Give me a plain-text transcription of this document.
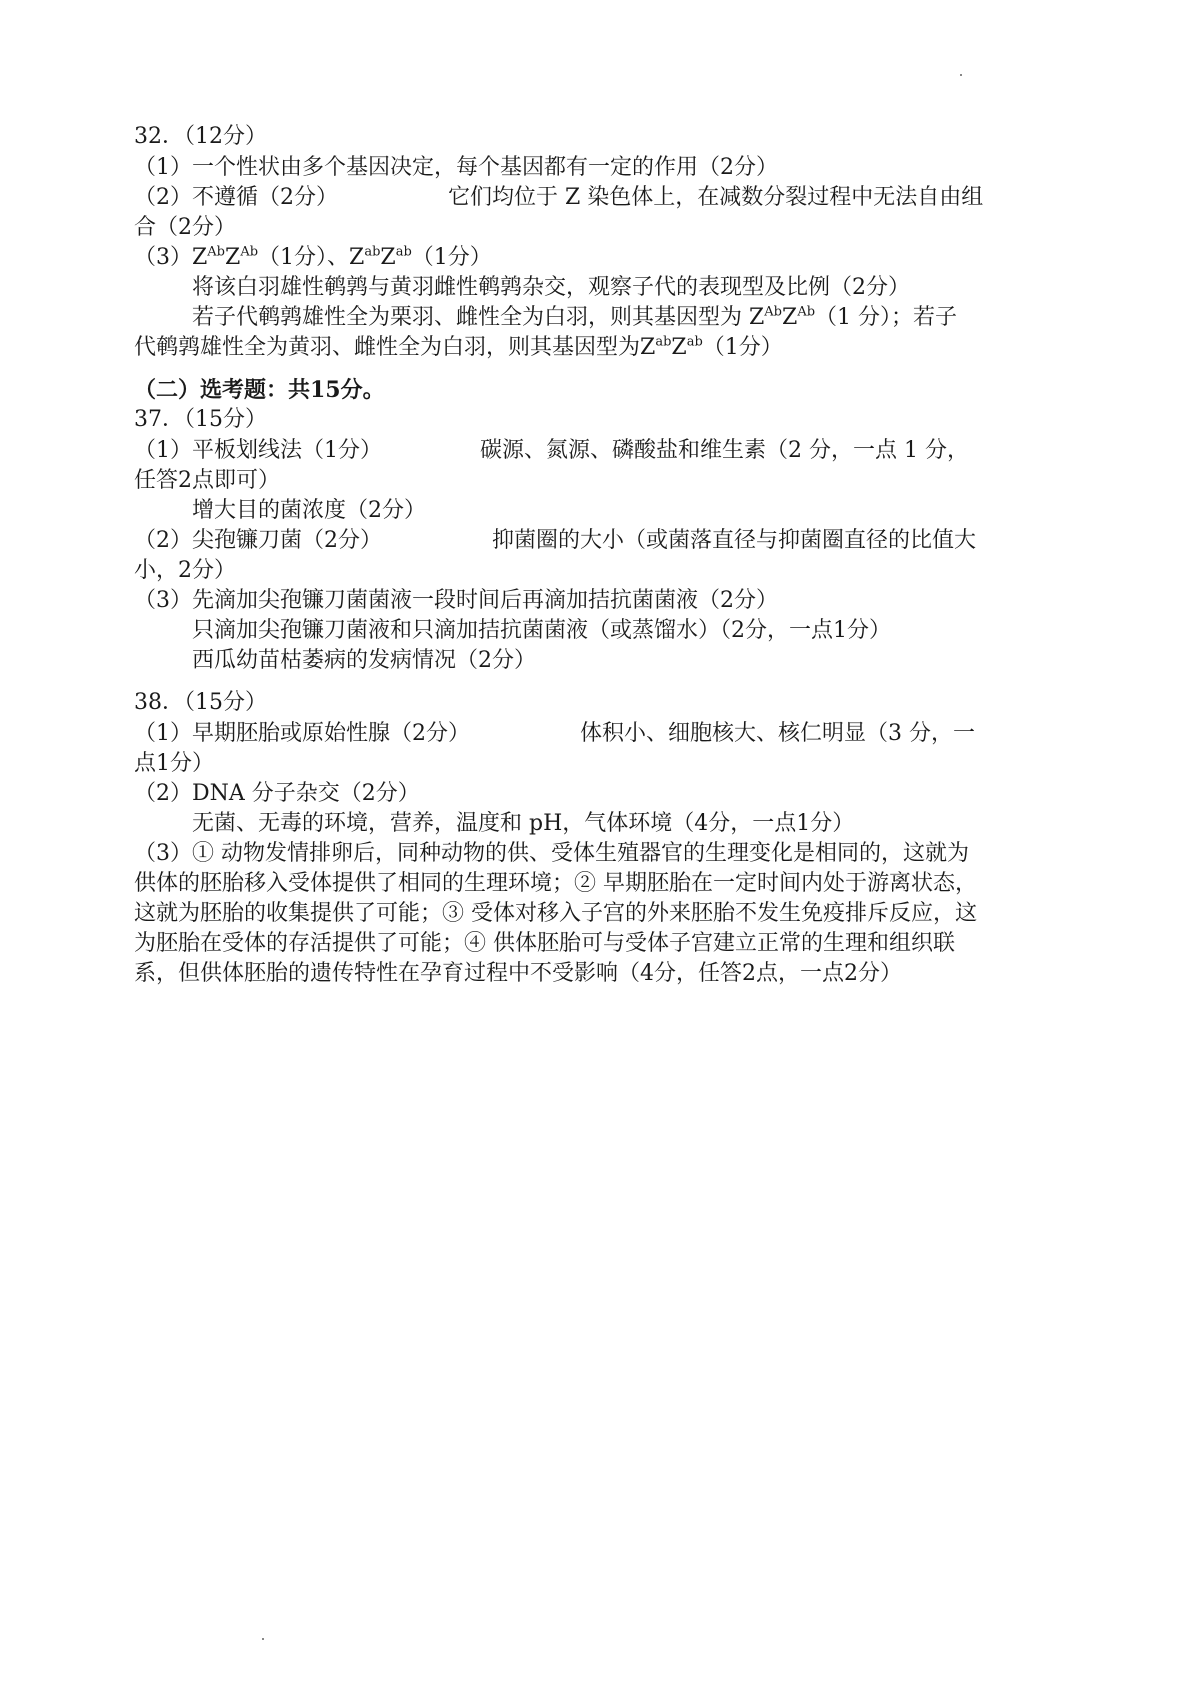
32．（12分）
（1）一个性状由多个基因决定，每个基因都有一定的作用（2分）
（2）不遵循（2分）	它们均位于 Z 染色体上，在减数分裂过程中无法自由组
合（2分）
$(3)Z^{Ab}Z^{Ab}(1$分）、$Z^{ab}Z^{ab}(1$分）
将该白羽雄性鹌鹑与黄羽雌性鹌鹑杂交，观察子代的表现型及比例（2分）
若子代鹌鹑雄性全为栗羽、雌性全为白羽，则其基因型为 $Z^{Ab}Z^{Ab}(1$ 分）；若子
代鹌鹑雄性全为黄羽、雌性全为白羽，则其基因型为$Z^{ab}Z^{ab}(1$分）
（二）选考题：共15分。
37．（15分）
（1）平板划线法（1分）	碳源、氮源、磷酸盐和维生素（2 分，一点 1 分，
任答2点即可）
增大目的菌浓度（2分）
（2）尖孢镰刀菌（2分）	抑菌圈的大小（或菌落直径与抑菌圈直径的比值大
小，2分）
（3）先滴加尖孢镰刀菌菌液一段时间后再滴加拮抗菌菌液（2分）
只滴加尖孢镰刀菌液和只滴加拮抗菌菌液（或蒸馏水）（2分，一点1分）
西瓜幼苗枯萎病的发病情况（2分）
38．（15分）
（1）早期胚胎或原始性腺（2分）	体积小、细胞核大、核仁明显（3 分，一
点1分）
（2）DNA 分子杂交（2分）
无菌、无毒的环境，营养，温度和 pH，气体环境（4分，一点1分）
（3）① 动物发情排卵后，同种动物的供、受体生殖器官的生理变化是相同的，这就为
供体的胚胎移入受体提供了相同的生理环境；② 早期胚胎在一定时间内处于游离状态，
这就为胚胎的收集提供了可能；③ 受体对移入子宫的外来胚胎不发生免疫排斥反应，这
为胚胎在受体的存活提供了可能；④ 供体胚胎可与受体子宫建立正常的生理和组织联
系，但供体胚胎的遗传特性在孕育过程中不受影响（4分，任答2点，一点2分）
